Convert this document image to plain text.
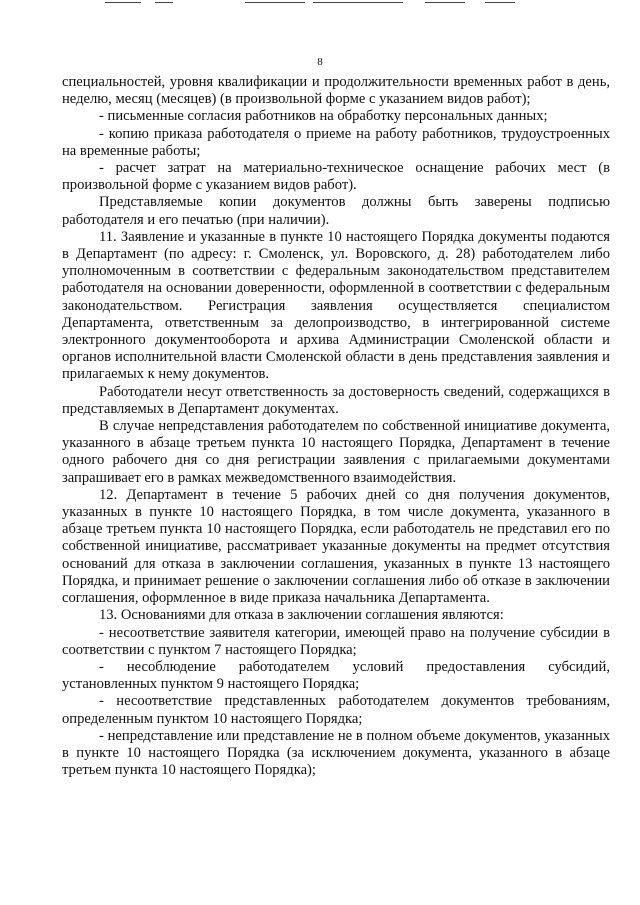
8

специальностей, уровня квалификации и продолжительности временных работ в день, неделю, месяц (месяцев) (в произвольной форме с указанием видов работ);

- письменные согласия работников на обработку персональных данных;

- копию приказа работодателя о приеме на работу работников, трудоустроенных на временные работы;

- расчет затрат на материально-техническое оснащение рабочих мест (в произвольной форме с указанием видов работ).

Представляемые копии документов должны быть заверены подписью работодателя и его печатью (при наличии).

11. Заявление и указанные в пункте 10 настоящего Порядка документы подаются в Департамент (по адресу: г. Смоленск, ул. Воровского, д. 28) работодателем либо уполномоченным в соответствии с федеральным законодательством представителем работодателя на основании доверенности, оформленной в соответствии с федеральным законодательством. Регистрация заявления осуществляется специалистом Департамента, ответственным за делопроизводство, в интегрированной системе электронного документооборота и архива Администрации Смоленской области и органов исполнительной власти Смоленской области в день представления заявления и прилагаемых к нему документов.

Работодатели несут ответственность за достоверность сведений, содержащихся в представляемых в Департамент документах.

В случае непредставления работодателем по собственной инициативе документа, указанного в абзаце третьем пункта 10 настоящего Порядка, Департамент в течение одного рабочего дня со дня регистрации заявления с прилагаемыми документами запрашивает его в рамках межведомственного взаимодействия.

12. Департамент в течение 5 рабочих дней со дня получения документов, указанных в пункте 10 настоящего Порядка, в том числе документа, указанного в абзаце третьем пункта 10 настоящего Порядка, если работодатель не представил его по собственной инициативе, рассматривает указанные документы на предмет отсутствия оснований для отказа в заключении соглашения, указанных в пункте 13 настоящего Порядка, и принимает решение о заключении соглашения либо об отказе в заключении соглашения, оформленное в виде приказа начальника Департамента.

13. Основаниями для отказа в заключении соглашения являются:

- несоответствие заявителя категории, имеющей право на получение субсидии в соответствии с пунктом 7 настоящего Порядка;

- несоблюдение работодателем условий предоставления субсидий, установленных пунктом 9 настоящего Порядка;

- несоответствие представленных работодателем документов требованиям, определенным пунктом 10 настоящего Порядка;

- непредставление или представление не в полном объеме документов, указанных в пункте 10 настоящего Порядка (за исключением документа, указанного в абзаце третьем пункта 10 настоящего Порядка);
